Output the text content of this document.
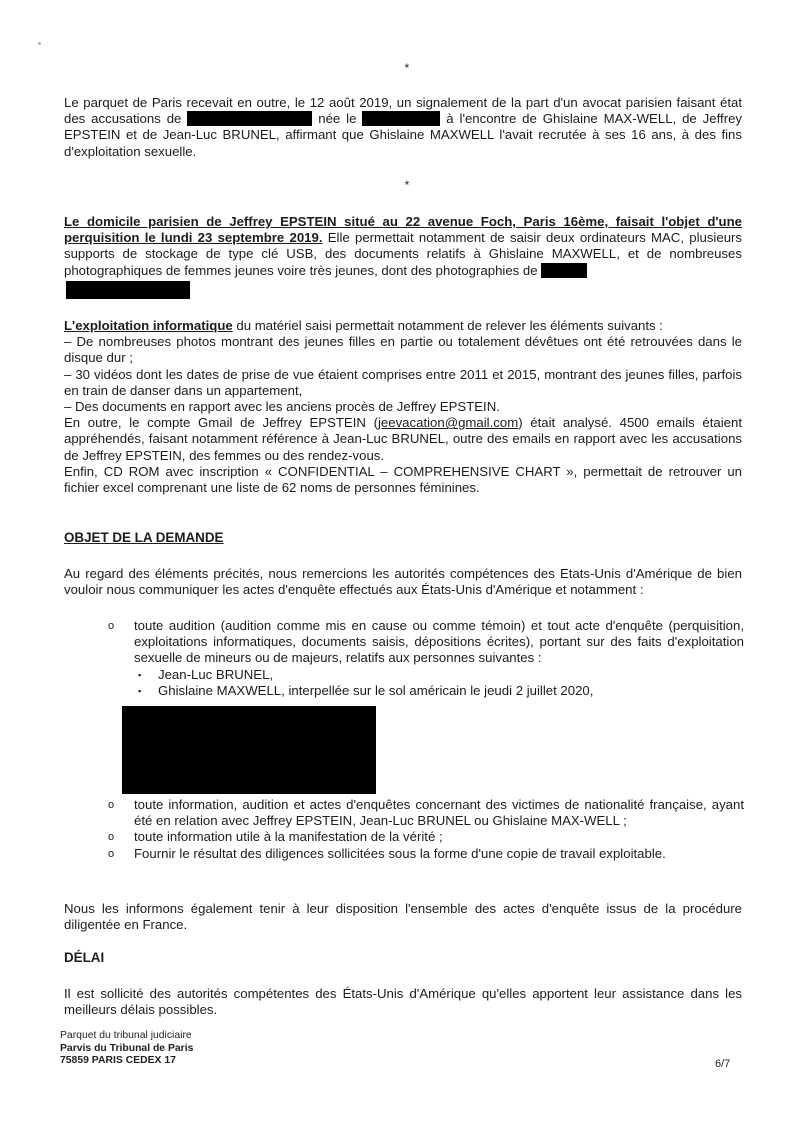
*

Le parquet de Paris recevait en outre, le 12 août 2019, un signalement de la part d'un avocat parisien faisant état des accusations de	née le	à l'encontre de Ghislaine MAX-WELL, de Jeffrey EPSTEIN et de Jean-Luc BRUNEL, affirmant que Ghislaine MAXWELL l'avait recrutée à ses 16 ans, à des fins d'exploitation sexuelle.

*

Le domicile parisien de Jeffrey EPSTEIN situé au 22 avenue Foch, Paris 16ème, faisait l'objet d'une perquisition le lundi 23 septembre 2019. Elle permettait notamment de saisir deux ordinateurs MAC, plusieurs supports de stockage de type clé USB, des documents relatifs à Ghislaine MAXWELL, et de nombreuses photographiques de femmes jeunes voire très jeunes, dont des photographies de

L'exploitation informatique du matériel saisi permettait notamment de relever les éléments suivants :

– De nombreuses photos montrant des jeunes filles en partie ou totalement dévêtues ont été retrouvées dans le disque dur ;

– 30 vidéos dont les dates de prise de vue étaient comprises entre 2011 et 2015, montrant des jeunes filles, parfois en train de danser dans un appartement,

– Des documents en rapport avec les anciens procès de Jeffrey EPSTEIN.

En outre, le compte Gmail de Jeffrey EPSTEIN (jeevacation@gmail.com) était analysé. 4500 emails étaient appréhendés, faisant notamment référence à Jean-Luc BRUNEL, outre des emails en rapport avec les accusations de Jeffrey EPSTEIN, des femmes ou des rendez-vous.

Enfin, CD ROM avec inscription « CONFIDENTIAL – COMPREHENSIVE CHART », permettait de retrouver un fichier excel comprenant une liste de 62 noms de personnes féminines.

OBJET DE LA DEMANDE

Au regard des éléments précités, nous remercions les autorités compétences des Etats-Unis d'Amérique de bien vouloir nous communiquer les actes d'enquête effectués aux États-Unis d'Amérique et notamment :

o toute audition (audition comme mis en cause ou comme témoin) et tout acte d'enquête (perquisition, exploitations informatiques, documents saisis, dépositions écrites), portant sur des faits d'exploitation sexuelle de mineurs ou de majeurs, relatifs aux personnes suivantes :
▪ Jean-Luc BRUNEL,
▪ Ghislaine MAXWELL, interpellée sur le sol américain le jeudi 2 juillet 2020,
o toute information, audition et actes d'enquêtes concernant des victimes de nationalité française, ayant été en relation avec Jeffrey EPSTEIN, Jean-Luc BRUNEL ou Ghislaine MAX-WELL ;
o toute information utile à la manifestation de la vérité ;
o Fournir le résultat des diligences sollicitées sous la forme d'une copie de travail exploitable.

Nous les informons également tenir à leur disposition l'ensemble des actes d'enquête issus de la procédure diligentée en France.

DÉLAI

Il est sollicité des autorités compétentes des États-Unis d'Amérique qu'elles apportent leur assistance dans les meilleurs délais possibles.

Parquet du tribunal judiciaire
Parvis du Tribunal de Paris
75859 PARIS CEDEX 17	6/7
